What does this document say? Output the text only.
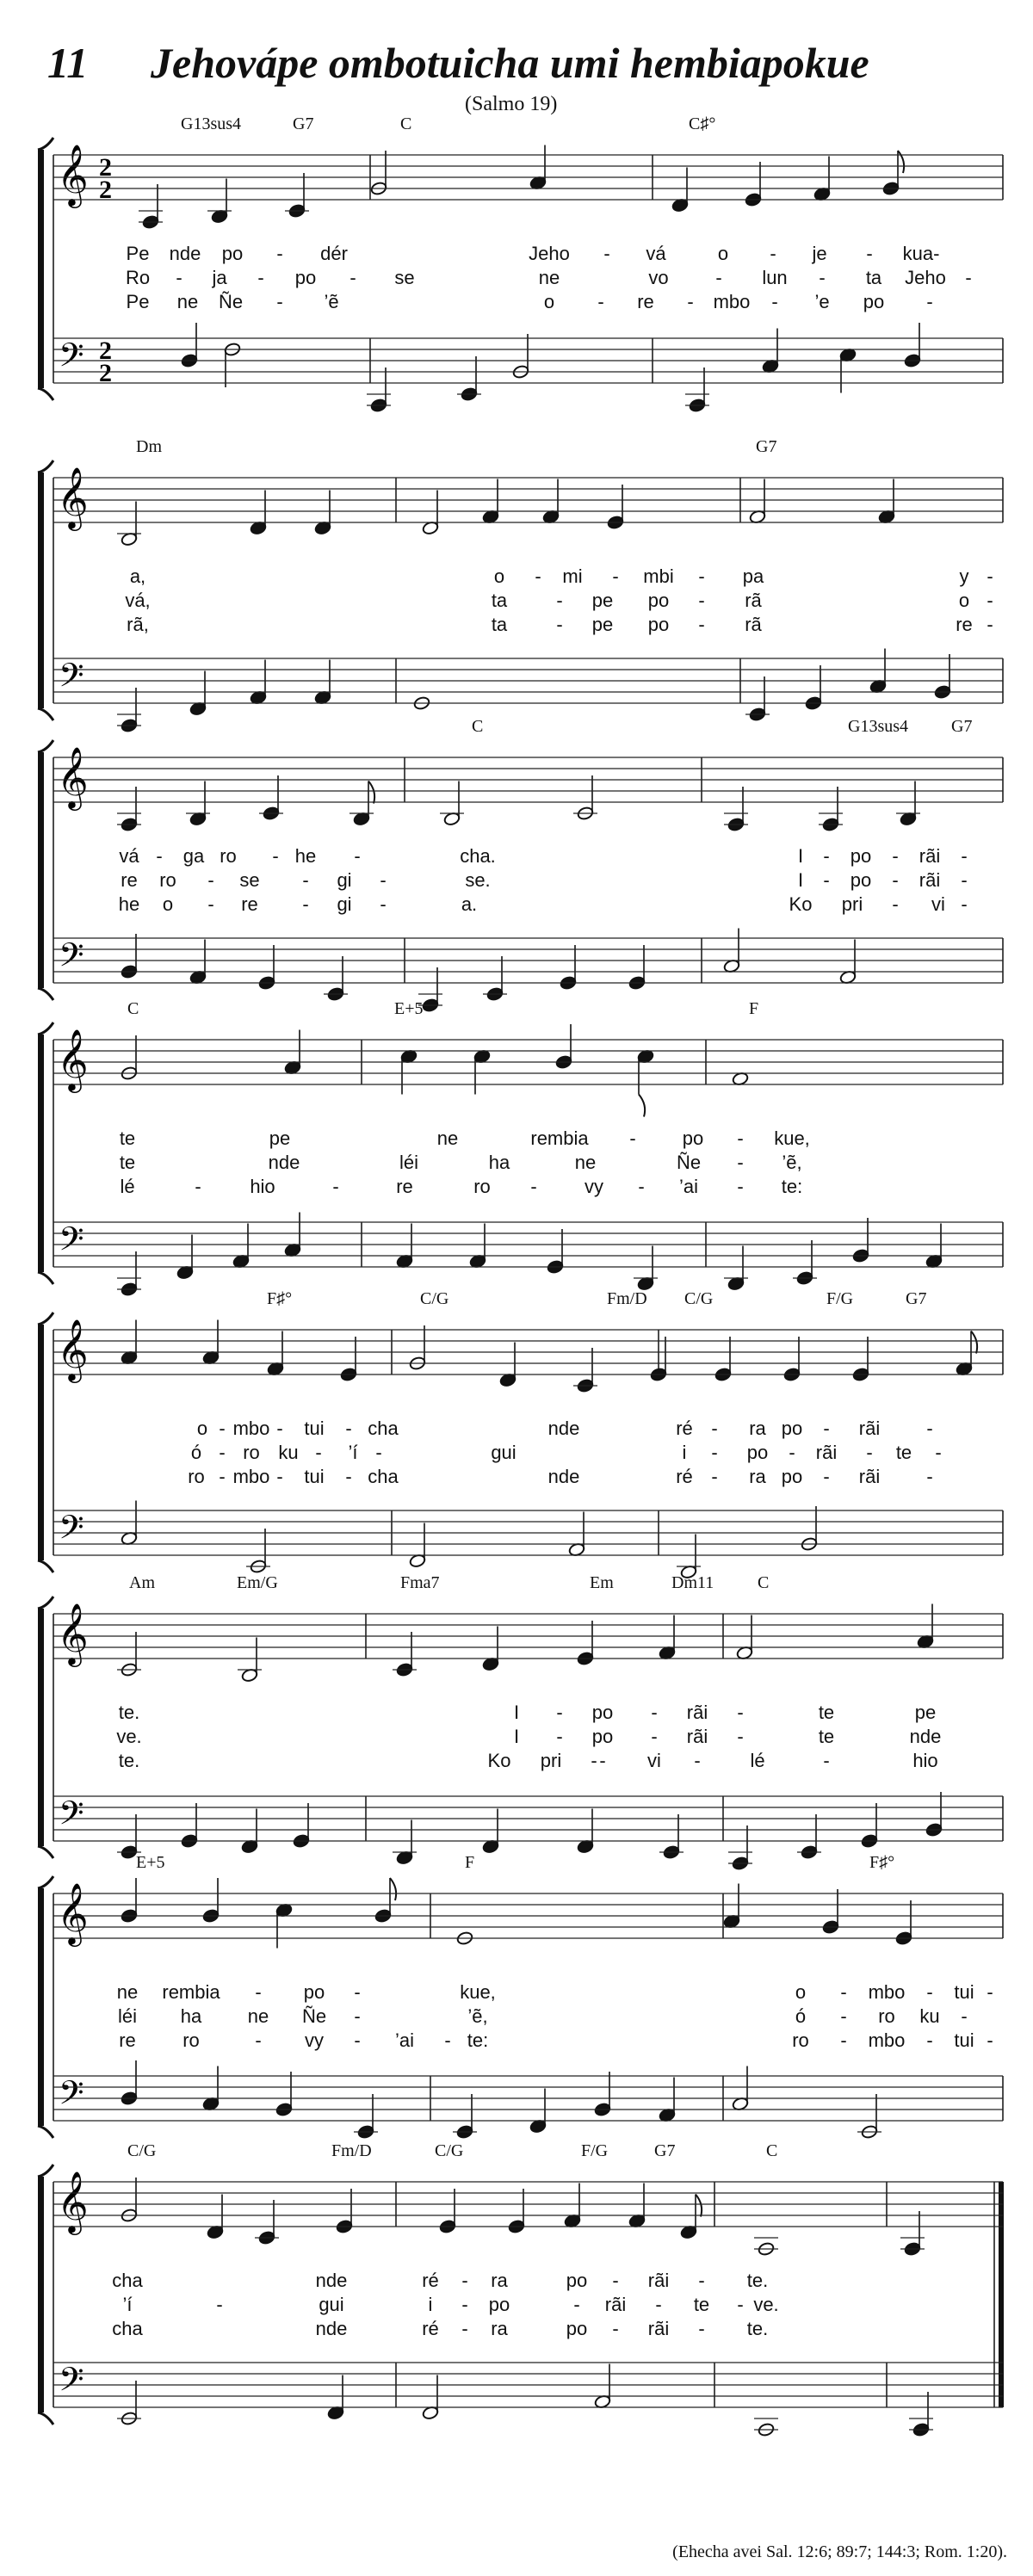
11 Jehovápe ombotuicha umi hembiapokue
(Salmo 19)
𝄞
𝄢
2
2
2
2
G13sus4	G7	C	C♯°
Pe nde po - dér	Jeho - vá	o - je - kua-
Ro - ja - po - se	ne	vo - lun - ta Jeho -
Pe ne Ñe - ’ẽ	o - re - mbo - ’e po -
𝄞
𝄢
Dm	G7
a,	o - mi - mbi - pa	y -
vá,	ta	- pe po - rã	o -
rã,	ta	- pe po - rã	re -
𝄞
𝄢
C	G13sus4 G7
vá - ga ro - he -	cha.	I - po - rãi -
re ro - se - gi -	se.	I - po - rãi -
he o - re - gi -	a.	Ko pri - vi -
𝄞
𝄢
C	E+5	F
te	pe	ne	rembia - po - kue,
te	nde	léi	ha	ne	Ñe - ’ẽ,
lé	-	hio	-	re	ro -	vy - ’ai - te:
𝄞
𝄢
F♯°	C/G	Fm/D C/G	F/G	G7
o - mbo - tui - cha	nde	ré - ra po - rãi -
ó - ro ku - ’í -	gui	i - po - rãi - te -
ro - mbo - tui - cha	nde	ré - ra po - rãi -
𝄞
𝄢
Am	Em/G	Fma7	Em	Dm11	C
te.	I - po - rãi -	te	pe
ve.	I - po - rãi -	te	nde
te.	Ko pri - vi -	lé	-	hio
-
𝄞
𝄢
E+5	F	F♯°
ne rembia - po -	kue,	o - mbo - tui -
léi ha ne Ñe -	’ẽ,	ó - ro ku -
re ro	- vy - ’ai - te:	ro - mbo - tui -
𝄞
𝄢
C/G	Fm/D	C/G	F/G	G7	C
cha	nde	ré - ra	po - rãi - te.
’í	-	gui	i - po	- rãi - te - ve.
cha	nde	ré - ra	po - rãi - te.
(Ehecha avei Sal. 12:6; 89:7; 144:3; Rom. 1:20).
